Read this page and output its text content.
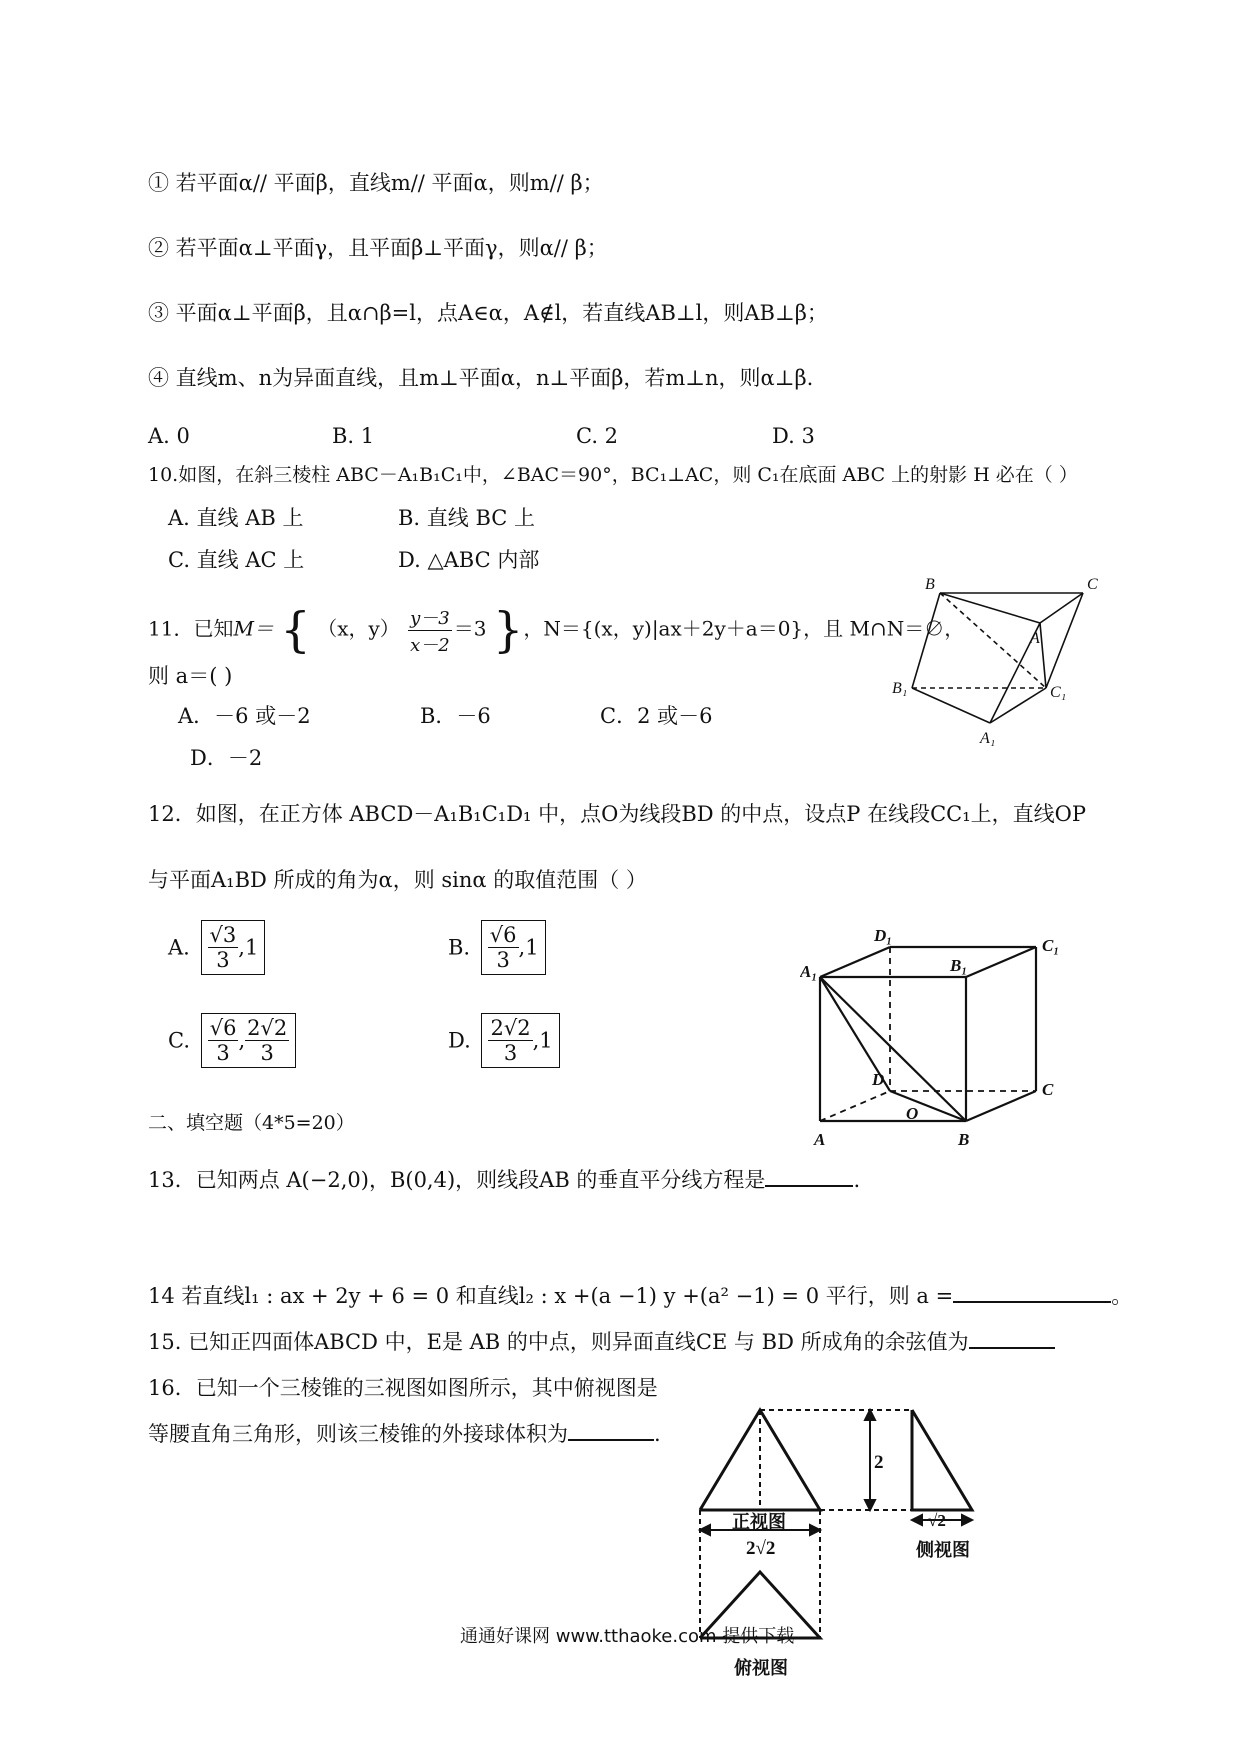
① 若平面α// 平面β，直线m// 平面α，则m// β；
② 若平面α⊥平面γ，且平面β⊥平面γ，则α// β；
③ 平面α⊥平面β，且α∩β=l，点A∈α，A∉l，若直线AB⊥l，则AB⊥β；
④ 直线m、n为异面直线，且m⊥平面α，n⊥平面β，若m⊥n，则α⊥β.
A. 0	B. 1	C. 2	D. 3
10.如图，在斜三棱柱 ABC－A₁B₁C₁中，∠BAC＝90°，BC₁⊥AC，则 C₁在底面 ABC 上的射影 H 必在（ ）
A. 直线 AB 上	B. 直线 BC 上
C. 直线 AC 上	D. △ABC 内部
11．已知M＝ { （x，$y) \frac{y-3}{x-2} =3$ }，N＝{(x，y)|ax＋2y＋a＝0}，且 M∩N＝∅，
则 a＝( )
A．－6 或－2	B．－6	C．2 或－6
D．－2
B	C
A
B₁	C₁
A₁
12．如图，在正方体 ABCD－A₁B₁C₁D₁ 中，点O为线段BD 的中点，设点P 在线段CC₁上，直线OP
与平面A₁BD 所成的角为α，则 sinα 的取值范围（ ）
A. $\frac{√3}{3} ,1$	B. $\frac{√6}{3} ,1$
C. $\frac{√6}{3}$ , $\frac{2√2}{3}$	D. $\frac{2√2}{3} ,1$
D₁
C₁
A₁	B₁
D
C
O
A	B
二、填空题（4*5=20）
13．已知两点 A(−2,0)，B(0,4)，则线段AB 的垂直平分线方程是	.
14 若直线l₁ : ax + 2y + 6 = 0 和直线l₂ : x +(a −1) y +(a² −1) = 0 平行，则 a =	。
15. 已知正四面体ABCD 中，E是 AB 的中点，则异面直线CE 与 BD 所成角的余弦值为
16．已知一个三棱锥的三视图如图所示，其中俯视图是
等腰直角三角形，则该三棱锥的外接球体积为	.
2
正视图
2√2
√2
侧视图
俯视图
通通好课网 www.tthaoke.com 提供下载
